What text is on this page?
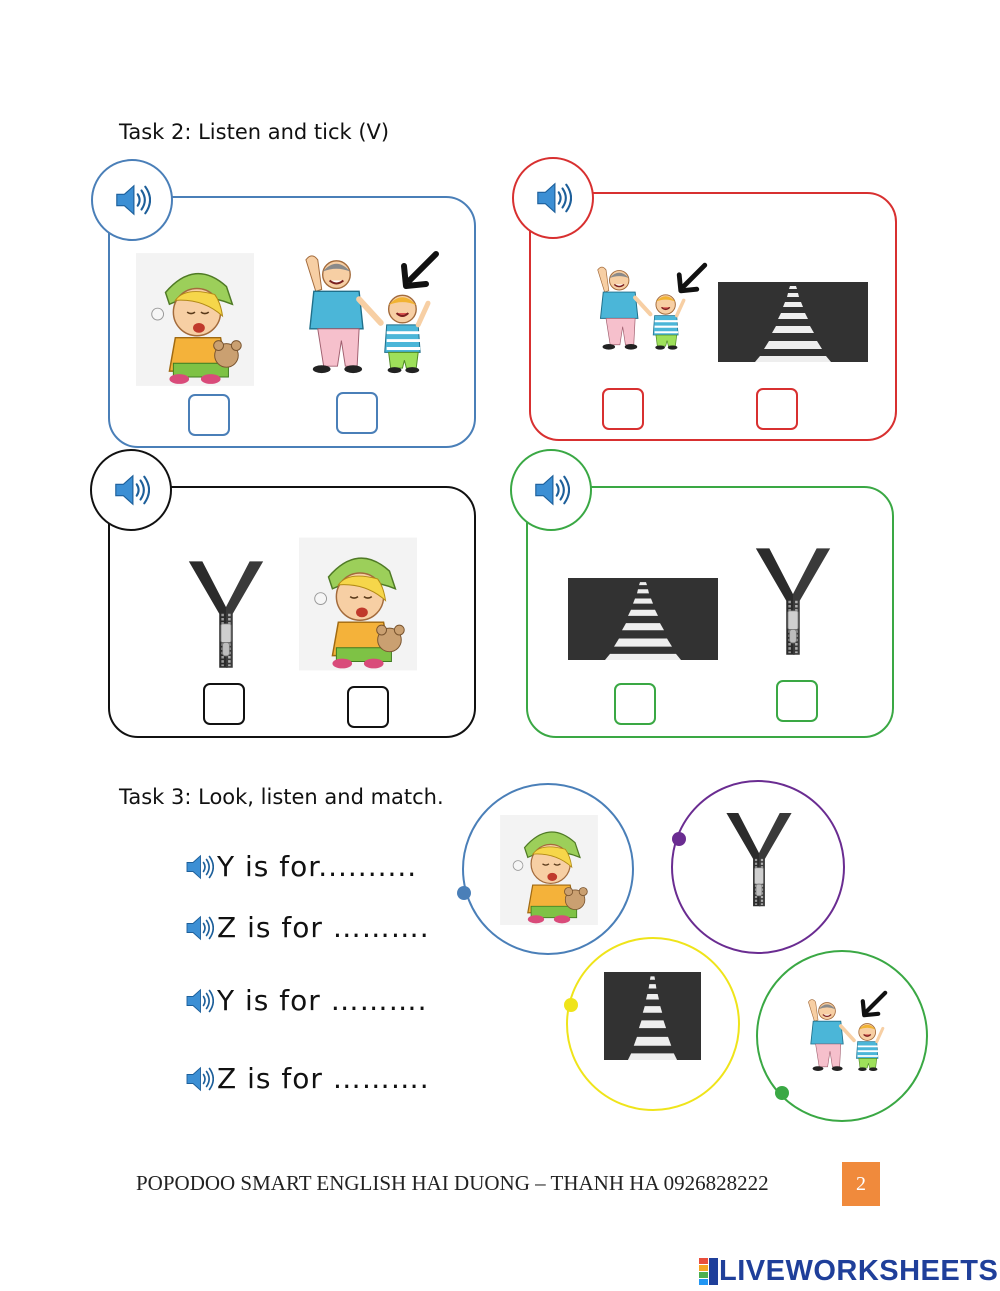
Task 2: Listen and tick (V)
Task 3: Look, listen and match.
Y is for..........
Z is for ……….
Y is for ……….
Z is for ……….
POPODOO SMART ENGLISH HAI DUONG – THANH HA 0926828222	2
LIVEWORKSHEETS
